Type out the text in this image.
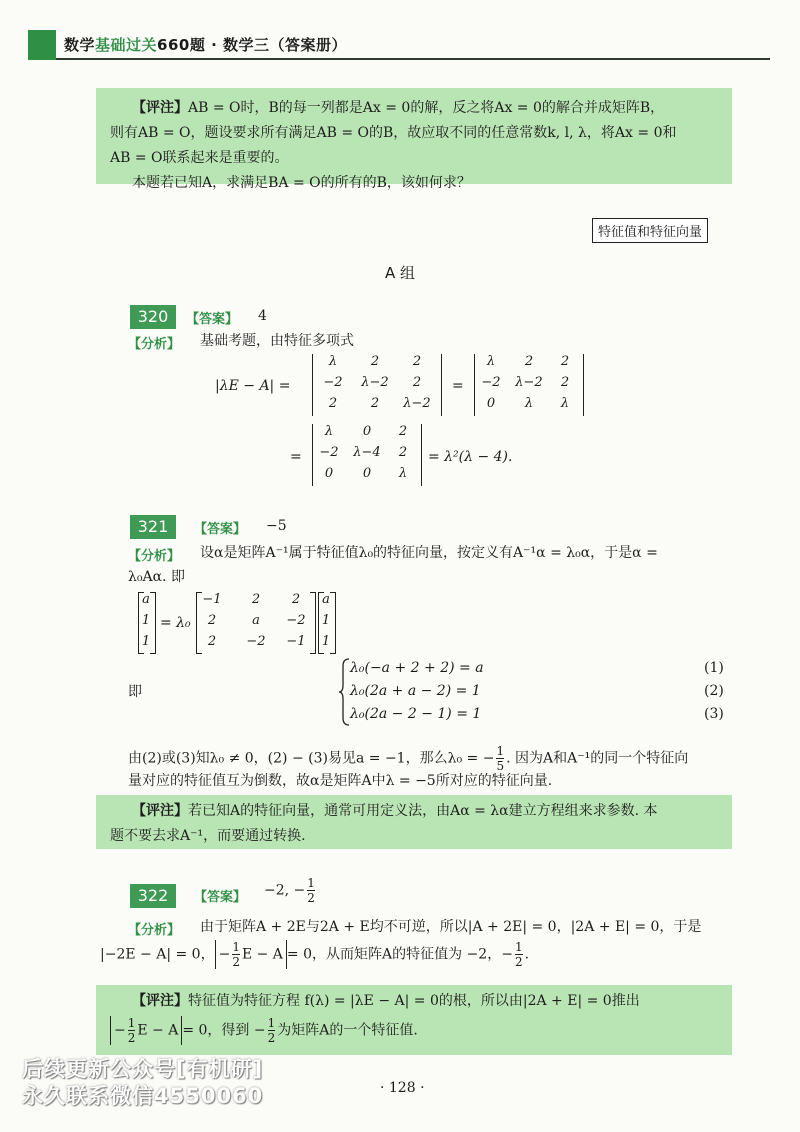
数学基础过关660题 · 数学三（答案册）
【评注】AB = O时，B的每一列都是Ax = 0的解，反之将Ax = 0的解合并成矩阵B，
则有AB = O，题设要求所有满足AB = O的B，故应取不同的任意常数k, l, λ，将Ax = 0和
AB = O联系起来是重要的。
本题若已知A，求满足BA = O的所有的B，该如何求？
特征值和特征向量
A 组
320	【答案】 4
【分析】 基础考题，由特征多项式
|λE − A| =
λ	2	2
−2	λ−2	2
2	2	λ−2
=
λ	2	2
−2	λ−2	2
0	λ	λ
=
λ	0	2
−2	λ−4	2
0	0	λ
= λ²(λ − 4).
321	【答案】 −5
【分析】 设α是矩阵A⁻¹属于特征值λ₀的特征向量，按定义有A⁻¹α = λ₀α，于是α =
λ₀Aα. 即
a
1
1
= λ₀
−1	2	2
2	a	−2
2	−2	−1
a
1
1
即
λ₀(−a + 2 + 2) = a
λ₀(2a + a − 2) = 1
λ₀(2a − 2 − 1) = 1
(1)
(2)
(3)
由(2)或(3)知λ₀ ≠ 0，(2) − (3)易见a = −1，那么λ₀ = − $\frac{1}{5}$ . 因为A和A⁻¹的同一个特征向
量对应的特征值互为倒数，故α是矩阵A中λ = −5所对应的特征向量.
【评注】若已知A的特征向量，通常可用定义法，由Aα = λα建立方程组来求参数. 本
题不要去求A⁻¹，而要通过转换.
322	【答案】 −2, − $\frac{1}{2}$
【分析】 由于矩阵A + 2E与2A + E均不可逆，所以|A + 2E| = 0，|2A + E| = 0，于是
|−2E − A| = 0， − $\frac{1}{2}$ E − A = 0，从而矩阵A的特征值为 −2，− $\frac{1}{2}$ .
【评注】特征值为特征方程 f(λ) = |λE − A| = 0的根，所以由|2A + E| = 0推出
− $\frac{1}{2}$ E − A = 0，得到 − $\frac{1}{2}$ 为矩阵A的一个特征值.
后续更新公众号[有机研]
永久联系微信4550060	· 128 ·
